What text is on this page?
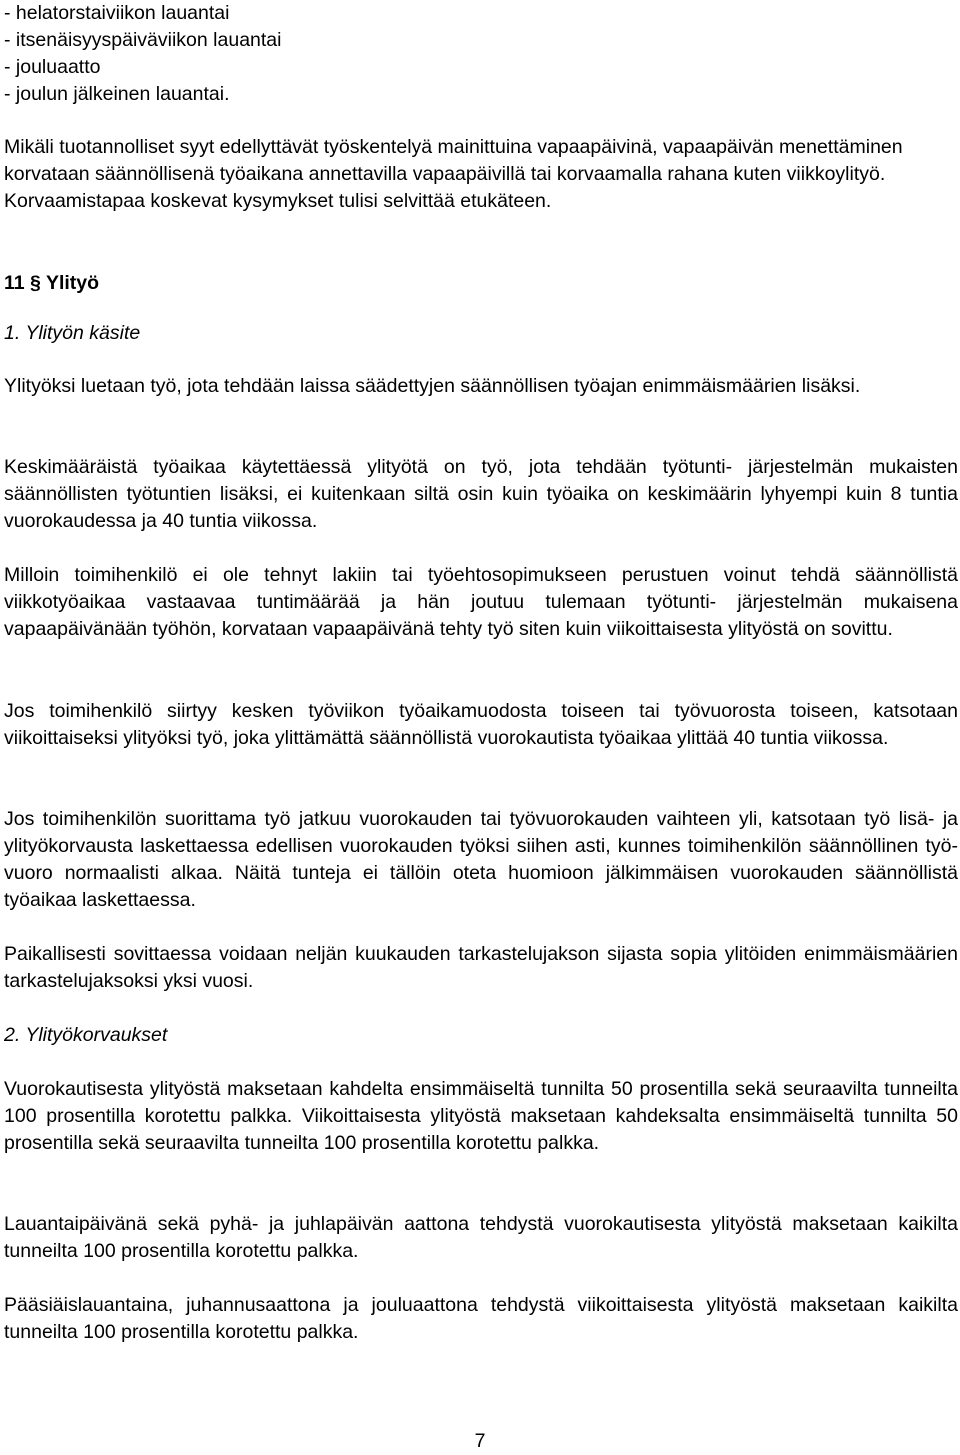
- helatorstaiviikon lauantai
- itsenäisyyspäiväviikon lauantai
- jouluaatto
- joulun jälkeinen lauantai.

Mikäli tuotannolliset syyt edellyttävät työskentelyä mainittuina vapaapäivinä, vapaapäivän menettäminen korvataan säännöllisenä työaikana annettavilla vapaapäivillä tai korvaamalla rahana kuten viikkoylityö. Korvaamistapaa koskevat kysymykset tulisi selvittää etukäteen.

11 § Ylityö
1. Ylityön käsite

Ylityöksi luetaan työ, jota tehdään laissa säädettyjen säännöllisen työajan enimmäismäärien lisäksi.

Keskimääräistä työaikaa käytettäessä ylityötä on työ, jota tehdään työtunti- järjestelmän mukaisten säännöllisten työtuntien lisäksi, ei kuitenkaan siltä osin kuin työaika on keskimäärin lyhyempi kuin 8 tuntia vuorokaudessa ja 40 tuntia viikossa.

Milloin toimihenkilö ei ole tehnyt lakiin tai työehtosopimukseen perustuen voinut tehdä säännöllistä viikkotyöaikaa vastaavaa tuntimäärää ja hän joutuu tulemaan työtunti- järjestelmän mukaisena vapaapäivänään työhön, korvataan vapaapäivänä tehty työ siten kuin viikoittaisesta ylityöstä on sovittu.

Jos toimihenkilö siirtyy kesken työviikon työaikamuodosta toiseen tai työvuorosta toiseen, katsotaan viikoittaiseksi ylityöksi työ, joka ylittämättä säännöllistä vuorokautista työaikaa ylittää 40 tuntia viikossa.

Jos toimihenkilön suorittama työ jatkuu vuorokauden tai työvuorokauden vaihteen yli, katsotaan työ lisä- ja ylityökorvausta laskettaessa edellisen vuorokauden työksi siihen asti, kunnes toimihenkilön säännöllinen työ- vuoro normaalisti alkaa. Näitä tunteja ei tällöin oteta huomioon jälkimmäisen vuorokauden säännöllistä työaikaa laskettaessa.

Paikallisesti sovittaessa voidaan neljän kuukauden tarkastelujakson sijasta sopia ylitöiden enimmäismäärien tarkastelujaksoksi yksi vuosi.

2. Ylityökorvaukset

Vuorokautisesta ylityöstä maksetaan kahdelta ensimmäiseltä tunnilta 50 prosentilla sekä seuraavilta tunneilta 100 prosentilla korotettu palkka. Viikoittaisesta ylityöstä maksetaan kahdeksalta ensimmäiseltä tunnilta 50 prosentilla sekä seuraavilta tunneilta 100 prosentilla korotettu palkka.

Lauantaipäivänä sekä pyhä- ja juhlapäivän aattona tehdystä vuorokautisesta ylityöstä maksetaan kaikilta tunneilta 100 prosentilla korotettu palkka.

Pääsiäislauantaina, juhannusaattona ja jouluaattona tehdystä viikoittaisesta ylityöstä maksetaan kaikilta tunneilta 100 prosentilla korotettu palkka.

7
